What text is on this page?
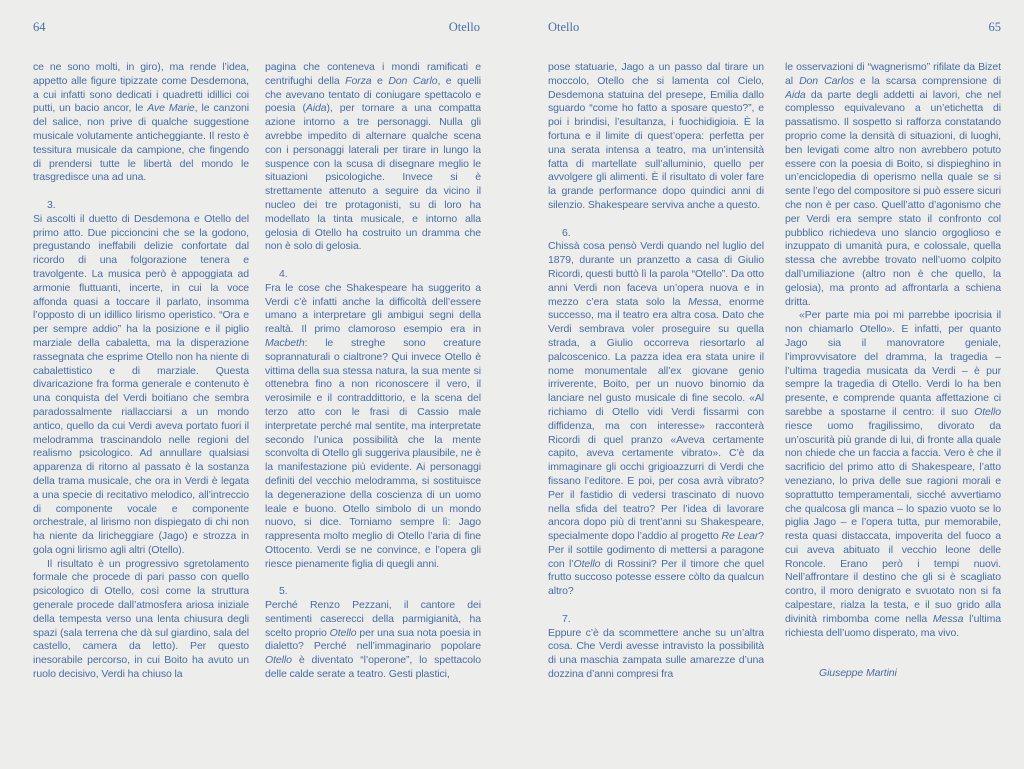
64	Otello	Otello	65

ce ne sono molti, in giro), ma rende l’idea, appetto alle figure tipizzate come Desdemona, a cui infatti sono dedicati i quadretti idillici coi putti, un bacio ancor, le Ave Marie, le canzoni del salice, non prive di qualche suggestione musicale volutamente anticheggiante. Il resto è tessitura musicale da campione, che fingendo di prendersi tutte le libertà del mondo le trasgredisce una ad una.

3.

Si ascolti il duetto di Desdemona e Otello del primo atto. Due piccioncini che se la godono, pregustando ineffabili delizie confortate dal ricordo di una folgorazione tenera e travolgente. La musica però è appoggiata ad armonie fluttuanti, incerte, in cui la voce affonda quasi a toccare il parlato, insomma l’opposto di un idillico lirismo operistico. “Ora e per sempre addio” ha la posizione e il piglio marziale della cabaletta, ma la disperazione rassegnata che esprime Otello non ha niente di cabalettistico e di marziale. Questa divaricazione fra forma generale e contenuto è una conquista del Verdi boitiano che sembra paradossalmente riallacciarsi a un mondo antico, quello da cui Verdi aveva portato fuori il melodramma trascinandolo nelle regioni del realismo psicologico. Ad annullare qualsiasi apparenza di ritorno al passato è la sostanza della trama musicale, che ora in Verdi è legata a una specie di recitativo melodico, all’intreccio di componente vocale e componente orchestrale, al lirismo non dispiegato di chi non ha niente da liricheggiare (Jago) e strozza in gola ogni lirismo agli altri (Otello).

Il risultato è un progressivo sgretolamento formale che procede di pari passo con quello psicologico di Otello, così come la struttura generale procede dall’atmosfera ariosa iniziale della tempesta verso una lenta chiusura degli spazi (sala terrena che dà sul giardino, sala del castello, camera da letto). Per questo inesorabile percorso, in cui Boito ha avuto un ruolo decisivo, Verdi ha chiuso la

pagina che conteneva i mondi ramificati e centrifughi della Forza e Don Carlo, e quelli che avevano tentato di coniugare spettacolo e poesia (Aida), per tornare a una compatta azione intorno a tre personaggi. Nulla gli avrebbe impedito di alternare qualche scena con i personaggi laterali per tirare in lungo la suspence con la scusa di disegnare meglio le situazioni psicologiche. Invece si è strettamente attenuto a seguire da vicino il nucleo dei tre protagonisti, su di loro ha modellato la tinta musicale, e intorno alla gelosia di Otello ha costruito un dramma che non è solo di gelosia.

4.

Fra le cose che Shakespeare ha suggerito a Verdi c’è infatti anche la difficoltà dell’essere umano a interpretare gli ambigui segni della realtà. Il primo clamoroso esempio era in Macbeth: le streghe sono creature soprannaturali o cialtrone? Qui invece Otello è vittima della sua stessa natura, la sua mente si ottenebra fino a non riconoscere il vero, il verosimile e il contraddittorio, e la scena del terzo atto con le frasi di Cassio male interpretate perché mal sentite, ma interpretate secondo l’unica possibilità che la mente sconvolta di Otello gli suggeriva plausibile, ne è la manifestazione più evidente. Ai personaggi definiti del vecchio melodramma, si sostituisce la degenerazione della coscienza di un uomo leale e buono. Otello simbolo di un mondo nuovo, si dice. Torniamo sempre lì: Jago rappresenta molto meglio di Otello l’aria di fine Ottocento. Verdi se ne convince, e l’opera gli riesce pienamente figlia di quegli anni.

5.

Perché Renzo Pezzani, il cantore dei sentimenti caserecci della parmigianità, ha scelto proprio Otello per una sua nota poesia in dialetto? Perché nell’immaginario popolare Otello è diventato “l’operone”, lo spettacolo delle calde serate a teatro. Gesti plastici,

pose statuarie, Jago a un passo dal tirare un moccolo, Otello che si lamenta col Cielo, Desdemona statuina del presepe, Emilia dallo sguardo “come ho fatto a sposare questo?”, e poi i brindisi, l’esultanza, i fuochidigioia. È la fortuna e il limite di quest’opera: perfetta per una serata intensa a teatro, ma un’intensità fatta di martellate sull’alluminio, quello per avvolgere gli alimenti. È il risultato di voler fare la grande performance dopo quindici anni di silenzio. Shakespeare serviva anche a questo.

6.

Chissà cosa pensò Verdi quando nel luglio del 1879, durante un pranzetto a casa di Giulio Ricordi, questi buttò lì la parola “Otello”. Da otto anni Verdi non faceva un’opera nuova e in mezzo c’era stata solo la Messa, enorme successo, ma il teatro era altra cosa. Dato che Verdi sembrava voler proseguire su quella strada, a Giulio occorreva riesortarlo al palcoscenico. La pazza idea era stata unire il nome monumentale all’ex giovane genio irriverente, Boito, per un nuovo binomio da lanciare nel gusto musicale di fine secolo. «Al richiamo di Otello vidi Verdi fissarmi con diffidenza, ma con interesse» racconterà Ricordi di quel pranzo «Aveva certamente capito, aveva certamente vibrato». C’è da immaginare gli occhi grigioazzurri di Verdi che fissano l’editore. E poi, per cosa avrà vibrato? Per il fastidio di vedersi trascinato di nuovo nella sfida del teatro? Per l’idea di lavorare ancora dopo più di trent’anni su Shakespeare, specialmente dopo l’addio al progetto Re Lear? Per il sottile godimento di mettersi a paragone con l’Otello di Rossini? Per il timore che quel frutto succoso potesse essere còlto da qualcun altro?

7.

Eppure c’è da scommettere anche su un’altra cosa. Che Verdi avesse intravisto la possibilità di una maschia zampata sulle amarezze d’una dozzina d’anni compresi fra

le osservazioni di “wagnerismo” rifilate da Bizet al Don Carlos e la scarsa comprensione di Aida da parte degli addetti ai lavori, che nel complesso equivalevano a un’etichetta di passatismo. Il sospetto si rafforza constatando proprio come la densità di situazioni, di luoghi, ben levigati come altro non avrebbero potuto essere con la poesia di Boito, si dispieghino in un’enciclopedia di operismo nella quale se si sente l’ego del compositore si può essere sicuri che non è per caso. Quell’atto d’agonismo che per Verdi era sempre stato il confronto col pubblico richiedeva uno slancio orgoglioso e inzuppato di umanità pura, e colossale, quella stessa che avrebbe trovato nell’uomo colpito dall’umiliazione (altro non è che quello, la gelosia), ma pronto ad affrontarla a schiena dritta.

«Per parte mia poi mi parrebbe ipocrisia il non chiamarlo Otello». E infatti, per quanto Jago sia il manovratore geniale, l’improvvisatore del dramma, la tragedia – l’ultima tragedia musicata da Verdi – è pur sempre la tragedia di Otello. Verdi lo ha ben presente, e comprende quanta affettazione ci sarebbe a spostarne il centro: il suo Otello riesce uomo fragilissimo, divorato da un’oscurità più grande di lui, di fronte alla quale non chiede che un faccia a faccia. Vero è che il sacrificio del primo atto di Shakespeare, l’atto veneziano, lo priva delle sue ragioni morali e soprattutto temperamentali, sicché avvertiamo che qualcosa gli manca – lo spazio vuoto se lo piglia Jago – e l’opera tutta, pur memorabile, resta quasi distaccata, impoverita del fuoco a cui aveva abituato il vecchio leone delle Roncole. Erano però i tempi nuovi. Nell’affrontare il destino che gli si è scagliato contro, il moro denigrato e svuotato non si fa calpestare, rialza la testa, e il suo grido alla divinità rimbomba come nella Messa l’ultima richiesta dell’uomo disperato, ma vivo.

Giuseppe Martini
